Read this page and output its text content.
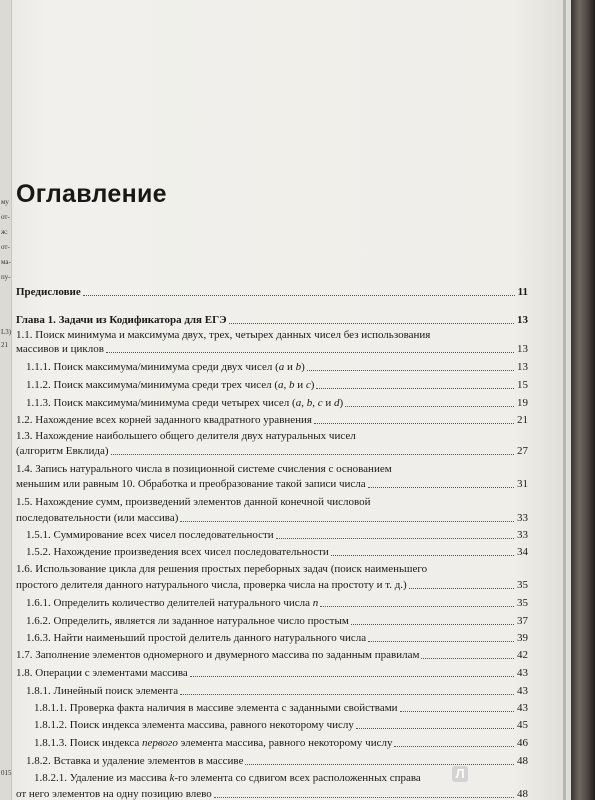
му
от-
ж:
от-
ма-
пу-
L3)
21
015
Оглавление
Предисловие	11
Глава 1. Задачи из Кодификатора для ЕГЭ	13
1.1. Поиск минимума и максимума двух, трех, четырех данных чисел без использования
массивов и циклов	13
1.1.1. Поиск максимума/минимума среди двух чисел (a и b)	13
1.1.2. Поиск максимума/минимума среди трех чисел (a, b и c)	15
1.1.3. Поиск максимума/минимума среди четырех чисел (a, b, c и d)	19
1.2. Нахождение всех корней заданного квадратного уравнения	21
1.3. Нахождение наибольшего общего делителя двух натуральных чисел
(алгоритм Евклида)	27
1.4. Запись натурального числа в позиционной системе счисления с основанием
меньшим или равным 10. Обработка и преобразование такой записи числа	31
1.5. Нахождение сумм, произведений элементов данной конечной числовой
последовательности (или массива)	33
1.5.1. Суммирование всех чисел последовательности	33
1.5.2. Нахождение произведения всех чисел последовательности	34
1.6. Использование цикла для решения простых переборных задач (поиск наименьшего
простого делителя данного натурального числа, проверка числа на простоту и т. д.)	35
1.6.1. Определить количество делителей натурального числа n	35
1.6.2. Определить, является ли заданное натуральное число простым	37
1.6.3. Найти наименьший простой делитель данного натурального числа	39
1.7. Заполнение элементов одномерного и двумерного массива по заданным правилам	42
1.8. Операции с элементами массива	43
1.8.1. Линейный поиск элемента	43
1.8.1.1. Проверка факта наличия в массиве элемента с заданными свойствами	43
1.8.1.2. Поиск индекса элемента массива, равного некоторому числу	45
1.8.1.3. Поиск индекса первого элемента массива, равного некоторому числу	46
1.8.2. Вставка и удаление элементов в массиве	48
1.8.2.1. Удаление из массива k-го элемента со сдвигом всех расположенных справа
от него элементов на одну позицию влево	48
Л
